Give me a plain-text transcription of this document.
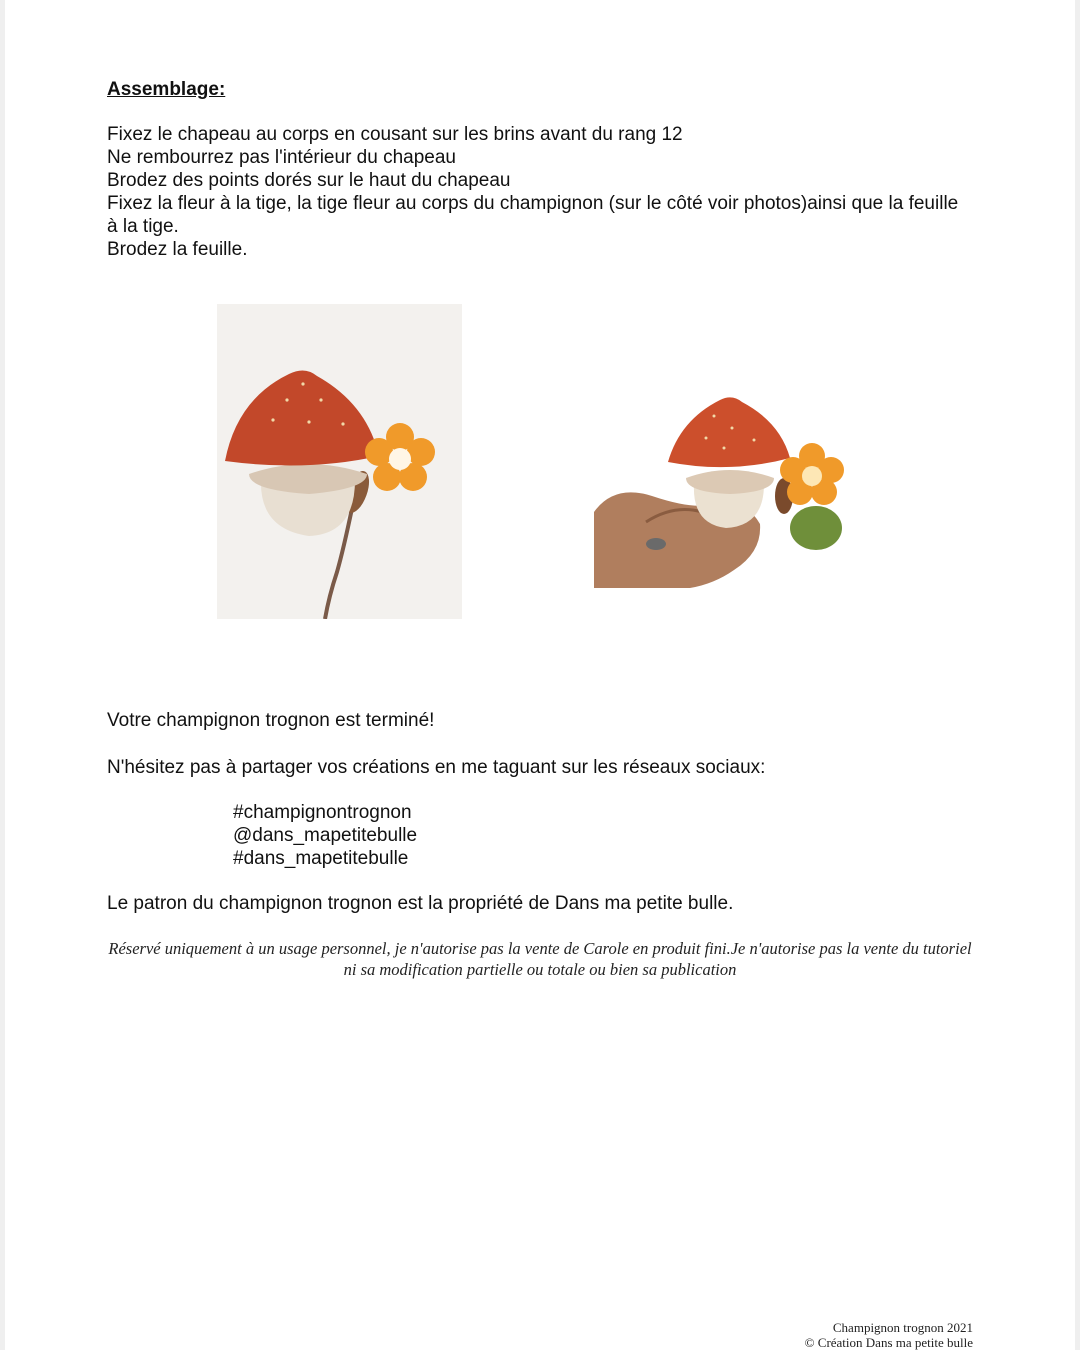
Assemblage:
Fixez le chapeau au corps en cousant sur les brins avant du rang 12
Ne rembourrez pas l'intérieur du chapeau
Brodez des points dorés sur le haut du chapeau
Fixez la fleur à la tige, la tige fleur au corps du champignon (sur le côté voir photos)ainsi que la feuille à la tige.
Brodez la feuille.
Votre champignon trognon est terminé!
N'hésitez pas à partager vos créations en me taguant sur les réseaux sociaux:
#champignontrognon
@dans_mapetitebulle
#dans_mapetitebulle
Le patron du champignon trognon est la propriété de Dans ma petite bulle.
Réservé uniquement à un usage personnel, je n'autorise pas la vente de Carole en produit fini.Je n'autorise pas la vente du tutoriel ni sa modification partielle ou totale ou bien sa publication
Champignon trognon 2021
© Création Dans ma petite bulle
